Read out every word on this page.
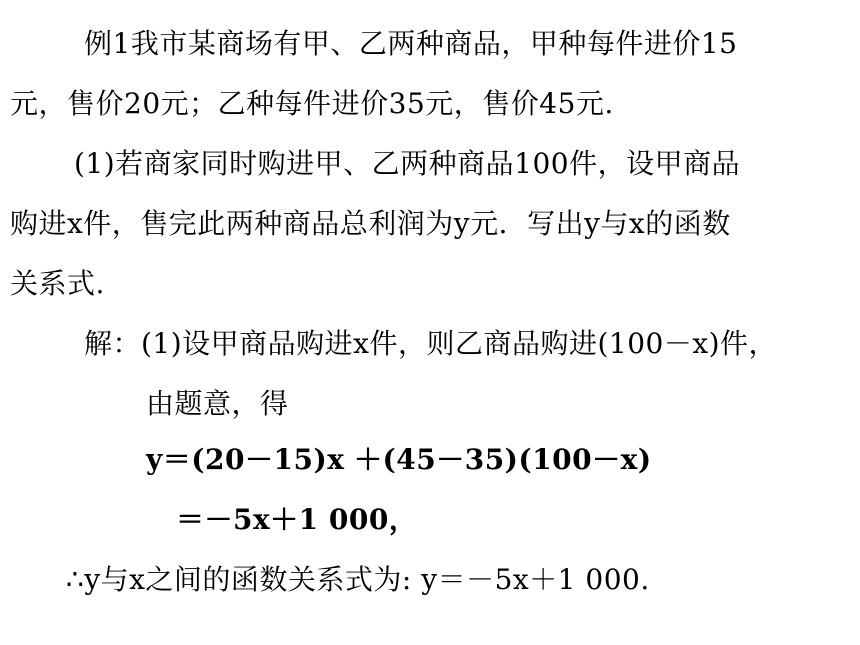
例1我市某商场有甲、乙两种商品，甲种每件进价15
元，售价20元；乙种每件进价35元，售价45元.
(1)若商家同时购进甲、乙两种商品100件，设甲商品
购进x件，售完此两种商品总利润为y元．写出y与x的函数
关系式.
解：(1)设甲商品购进x件，则乙商品购进(100－x)件，
由题意，得
y＝(20－15)x ＋(45－35)(100－x)
＝－5x＋1 000，
∴y与x之间的函数关系式为: y＝－5x＋1 000.
